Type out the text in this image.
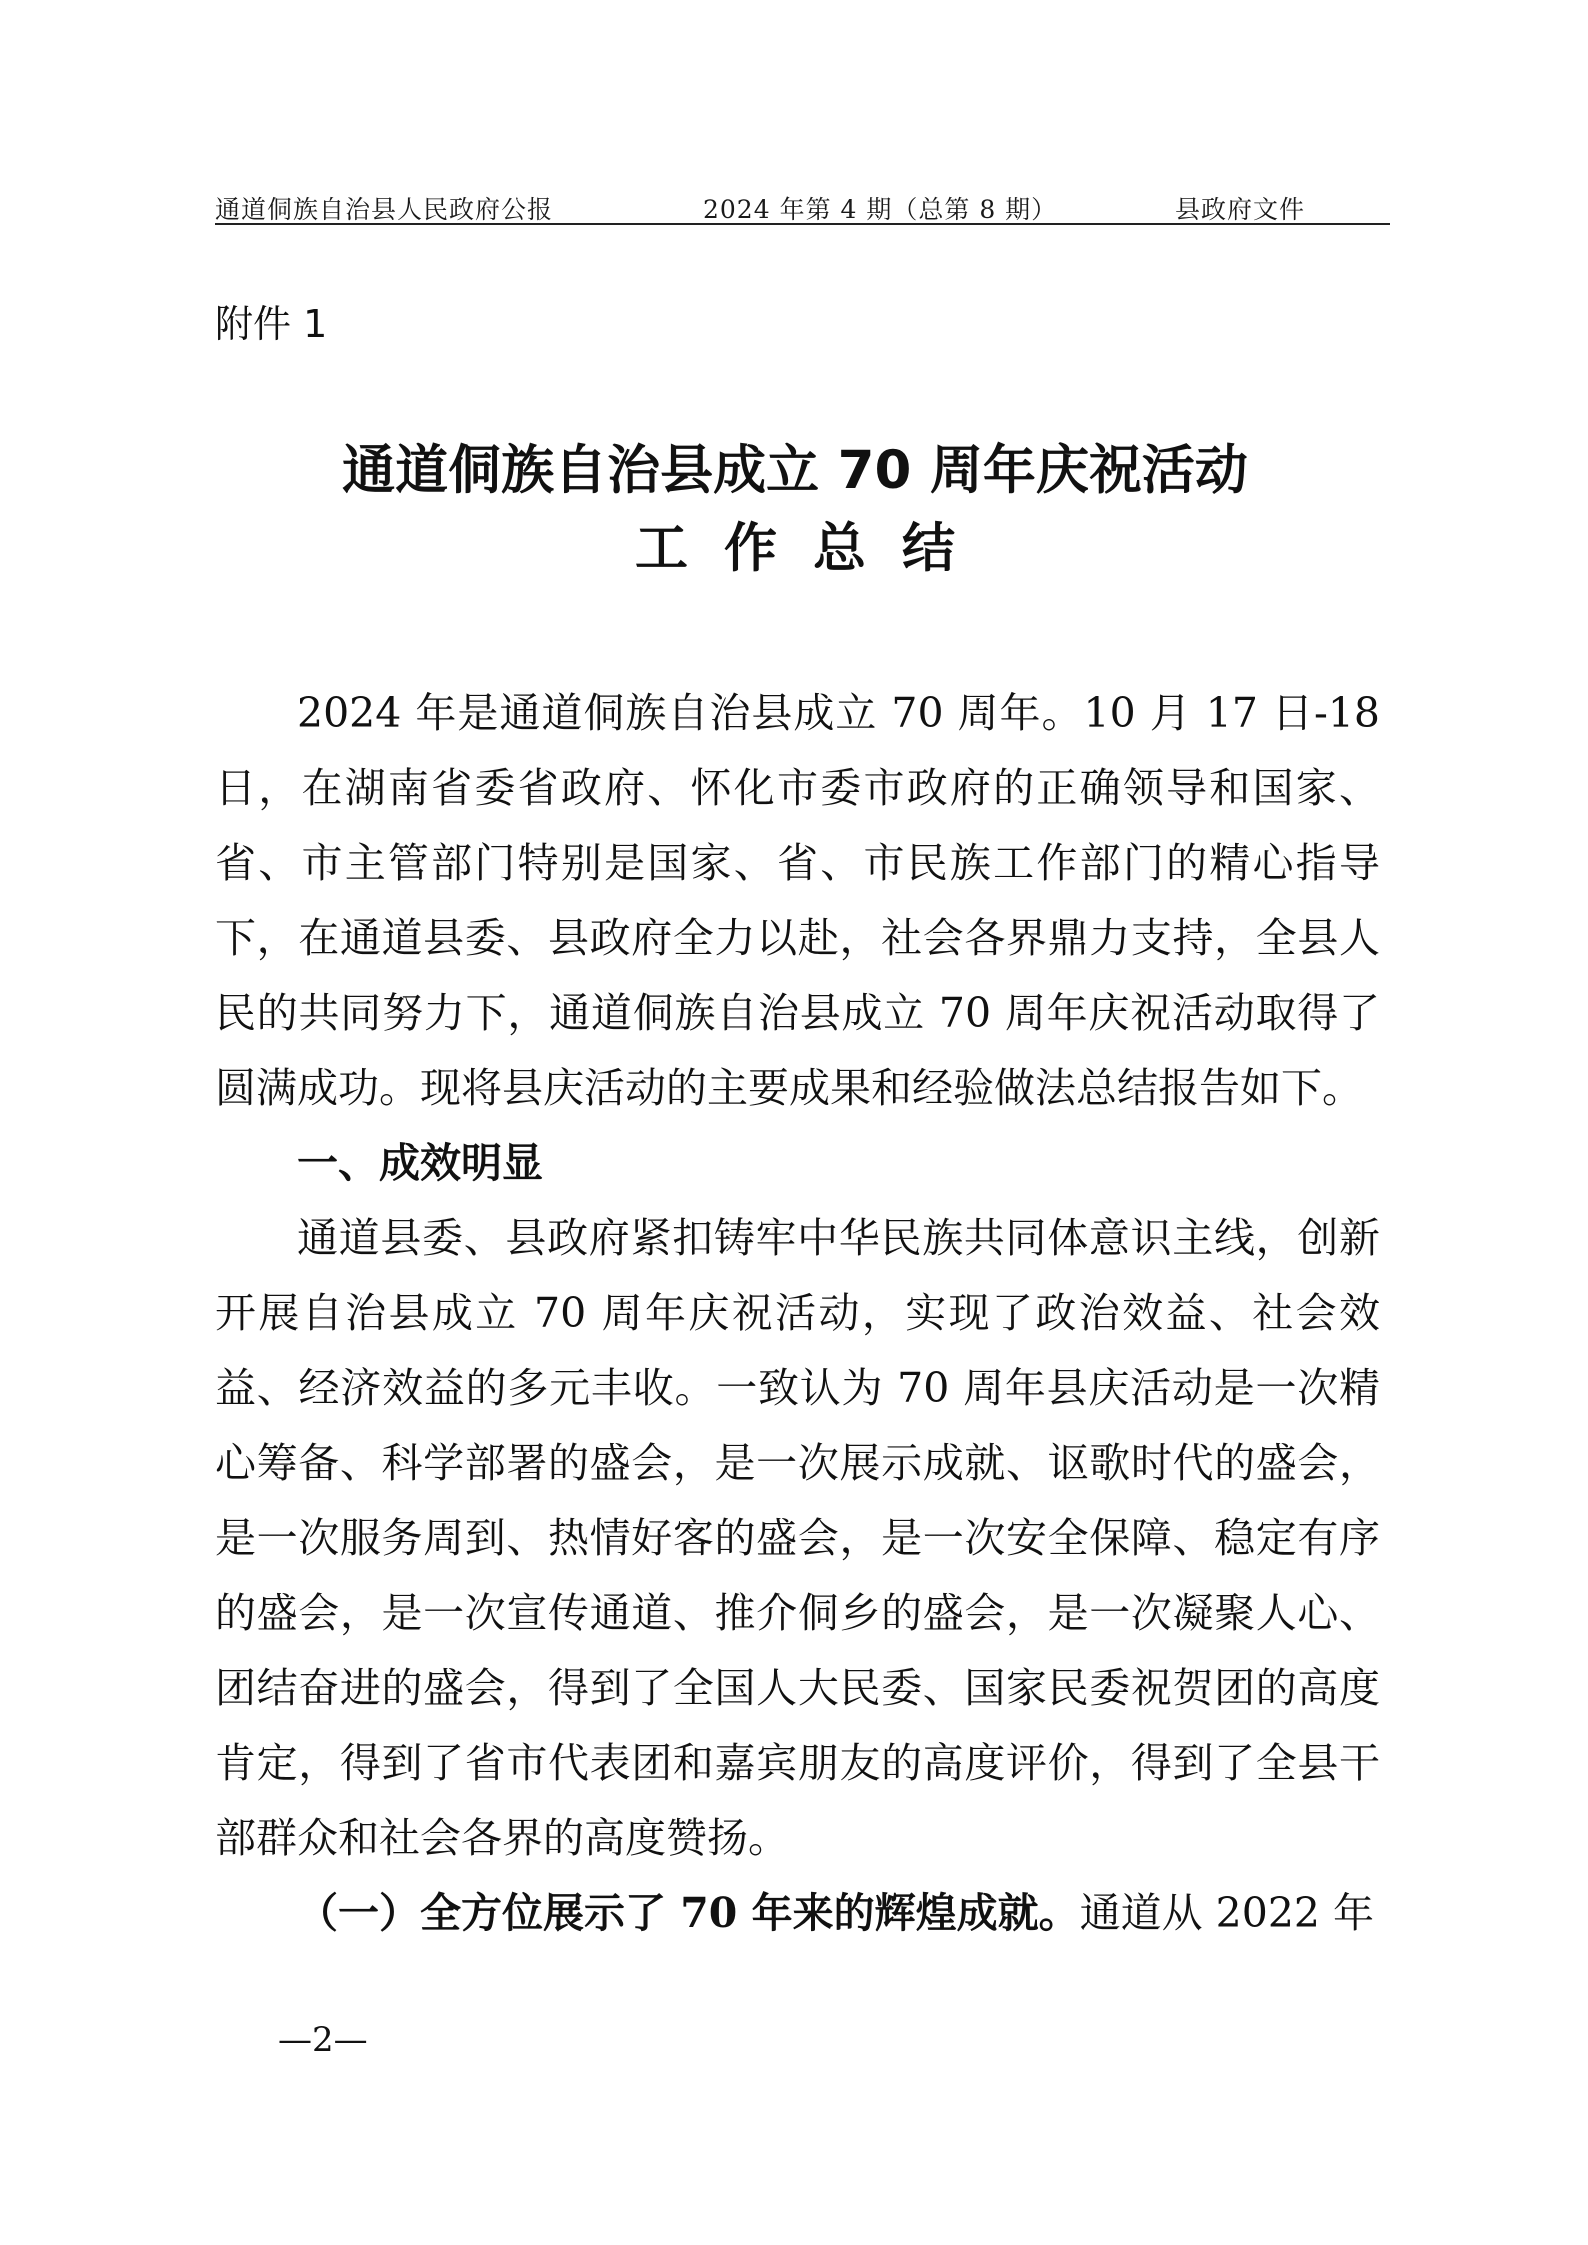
通道侗族自治县人民政府公报	2024 年第 4 期（总第 8 期）	县政府文件
附件 1
通道侗族自治县成立 70 周年庆祝活动
工作总结

2024 年是通道侗族自治县成立 70 周年。10 月 17 日-18 日，在湖南省委省政府、怀化市委市政府的正确领导和国家、省、市主管部门特别是国家、省、市民族工作部门的精心指导下，在通道县委、县政府全力以赴，社会各界鼎力支持，全县人民的共同努力下，通道侗族自治县成立 70 周年庆祝活动取得了圆满成功。现将县庆活动的主要成果和经验做法总结报告如下。

一、成效明显

通道县委、县政府紧扣铸牢中华民族共同体意识主线，创新开展自治县成立 70 周年庆祝活动，实现了政治效益、社会效益、经济效益的多元丰收。一致认为 70 周年县庆活动是一次精心筹备、科学部署的盛会，是一次展示成就、讴歌时代的盛会，是一次服务周到、热情好客的盛会，是一次安全保障、稳定有序的盛会，是一次宣传通道、推介侗乡的盛会，是一次凝聚人心、团结奋进的盛会，得到了全国人大民委、国家民委祝贺团的高度肯定，得到了省市代表团和嘉宾朋友的高度评价，得到了全县干部群众和社会各界的高度赞扬。

（一）全方位展示了 70 年来的辉煌成就。通道从 2022 年

—2—
